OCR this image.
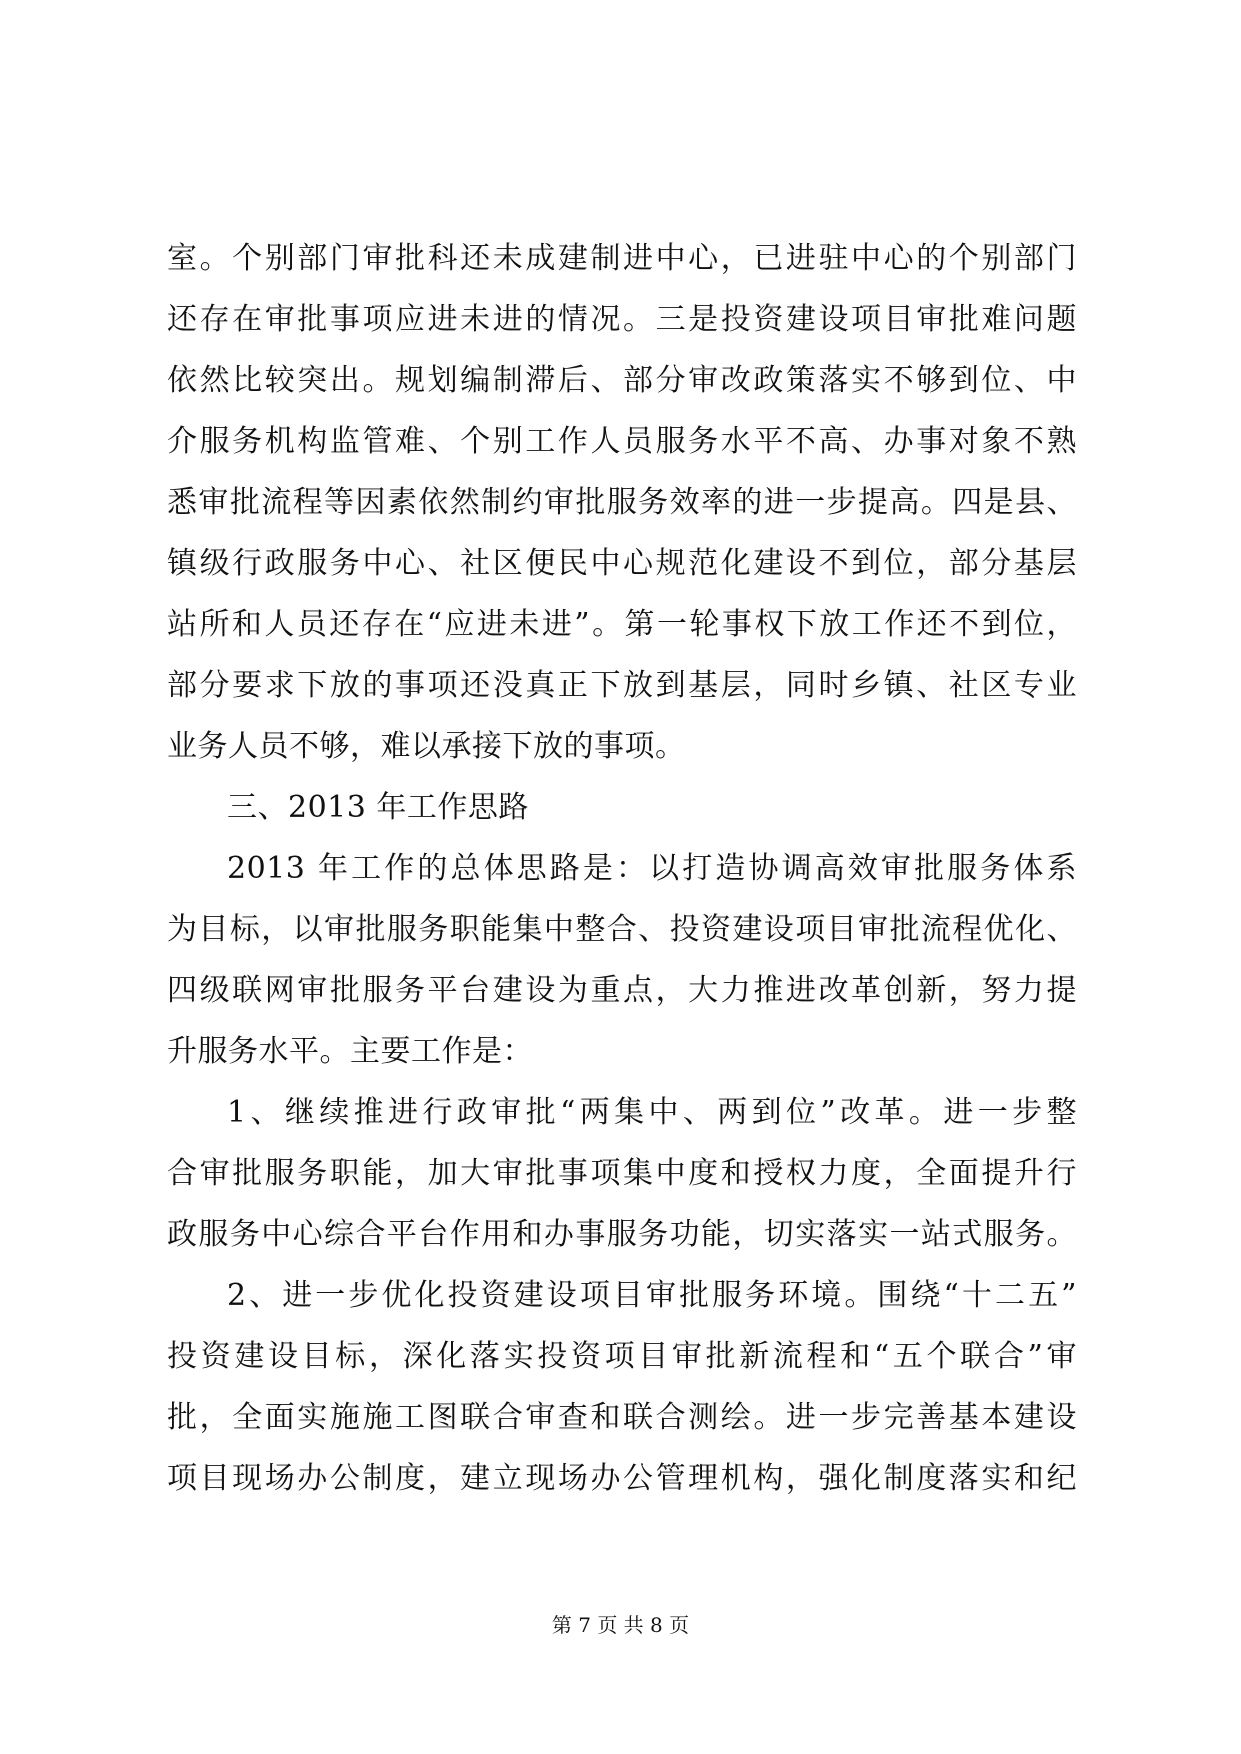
室。个别部门审批科还未成建制进中心，已进驻中心的个别部门
还存在审批事项应进未进的情况。三是投资建设项目审批难问题
依然比较突出。规划编制滞后、部分审改政策落实不够到位、中
介服务机构监管难、个别工作人员服务水平不高、办事对象不熟
悉审批流程等因素依然制约审批服务效率的进一步提高。四是县、
镇级行政服务中心、社区便民中心规范化建设不到位，部分基层
站所和人员还存在“应进未进”。第一轮事权下放工作还不到位，
部分要求下放的事项还没真正下放到基层，同时乡镇、社区专业
业务人员不够，难以承接下放的事项。
三、2013 年工作思路
2013 年工作的总体思路是：以打造协调高效审批服务体系
为目标，以审批服务职能集中整合、投资建设项目审批流程优化、
四级联网审批服务平台建设为重点，大力推进改革创新，努力提
升服务水平。主要工作是：
1、继续推进行政审批“两集中、两到位”改革。进一步整
合审批服务职能，加大审批事项集中度和授权力度，全面提升行
政服务中心综合平台作用和办事服务功能，切实落实一站式服务。
2、进一步优化投资建设项目审批服务环境。围绕“十二五”
投资建设目标，深化落实投资项目审批新流程和“五个联合”审
批，全面实施施工图联合审查和联合测绘。进一步完善基本建设
项目现场办公制度，建立现场办公管理机构，强化制度落实和纪
第 7 页 共 8 页
